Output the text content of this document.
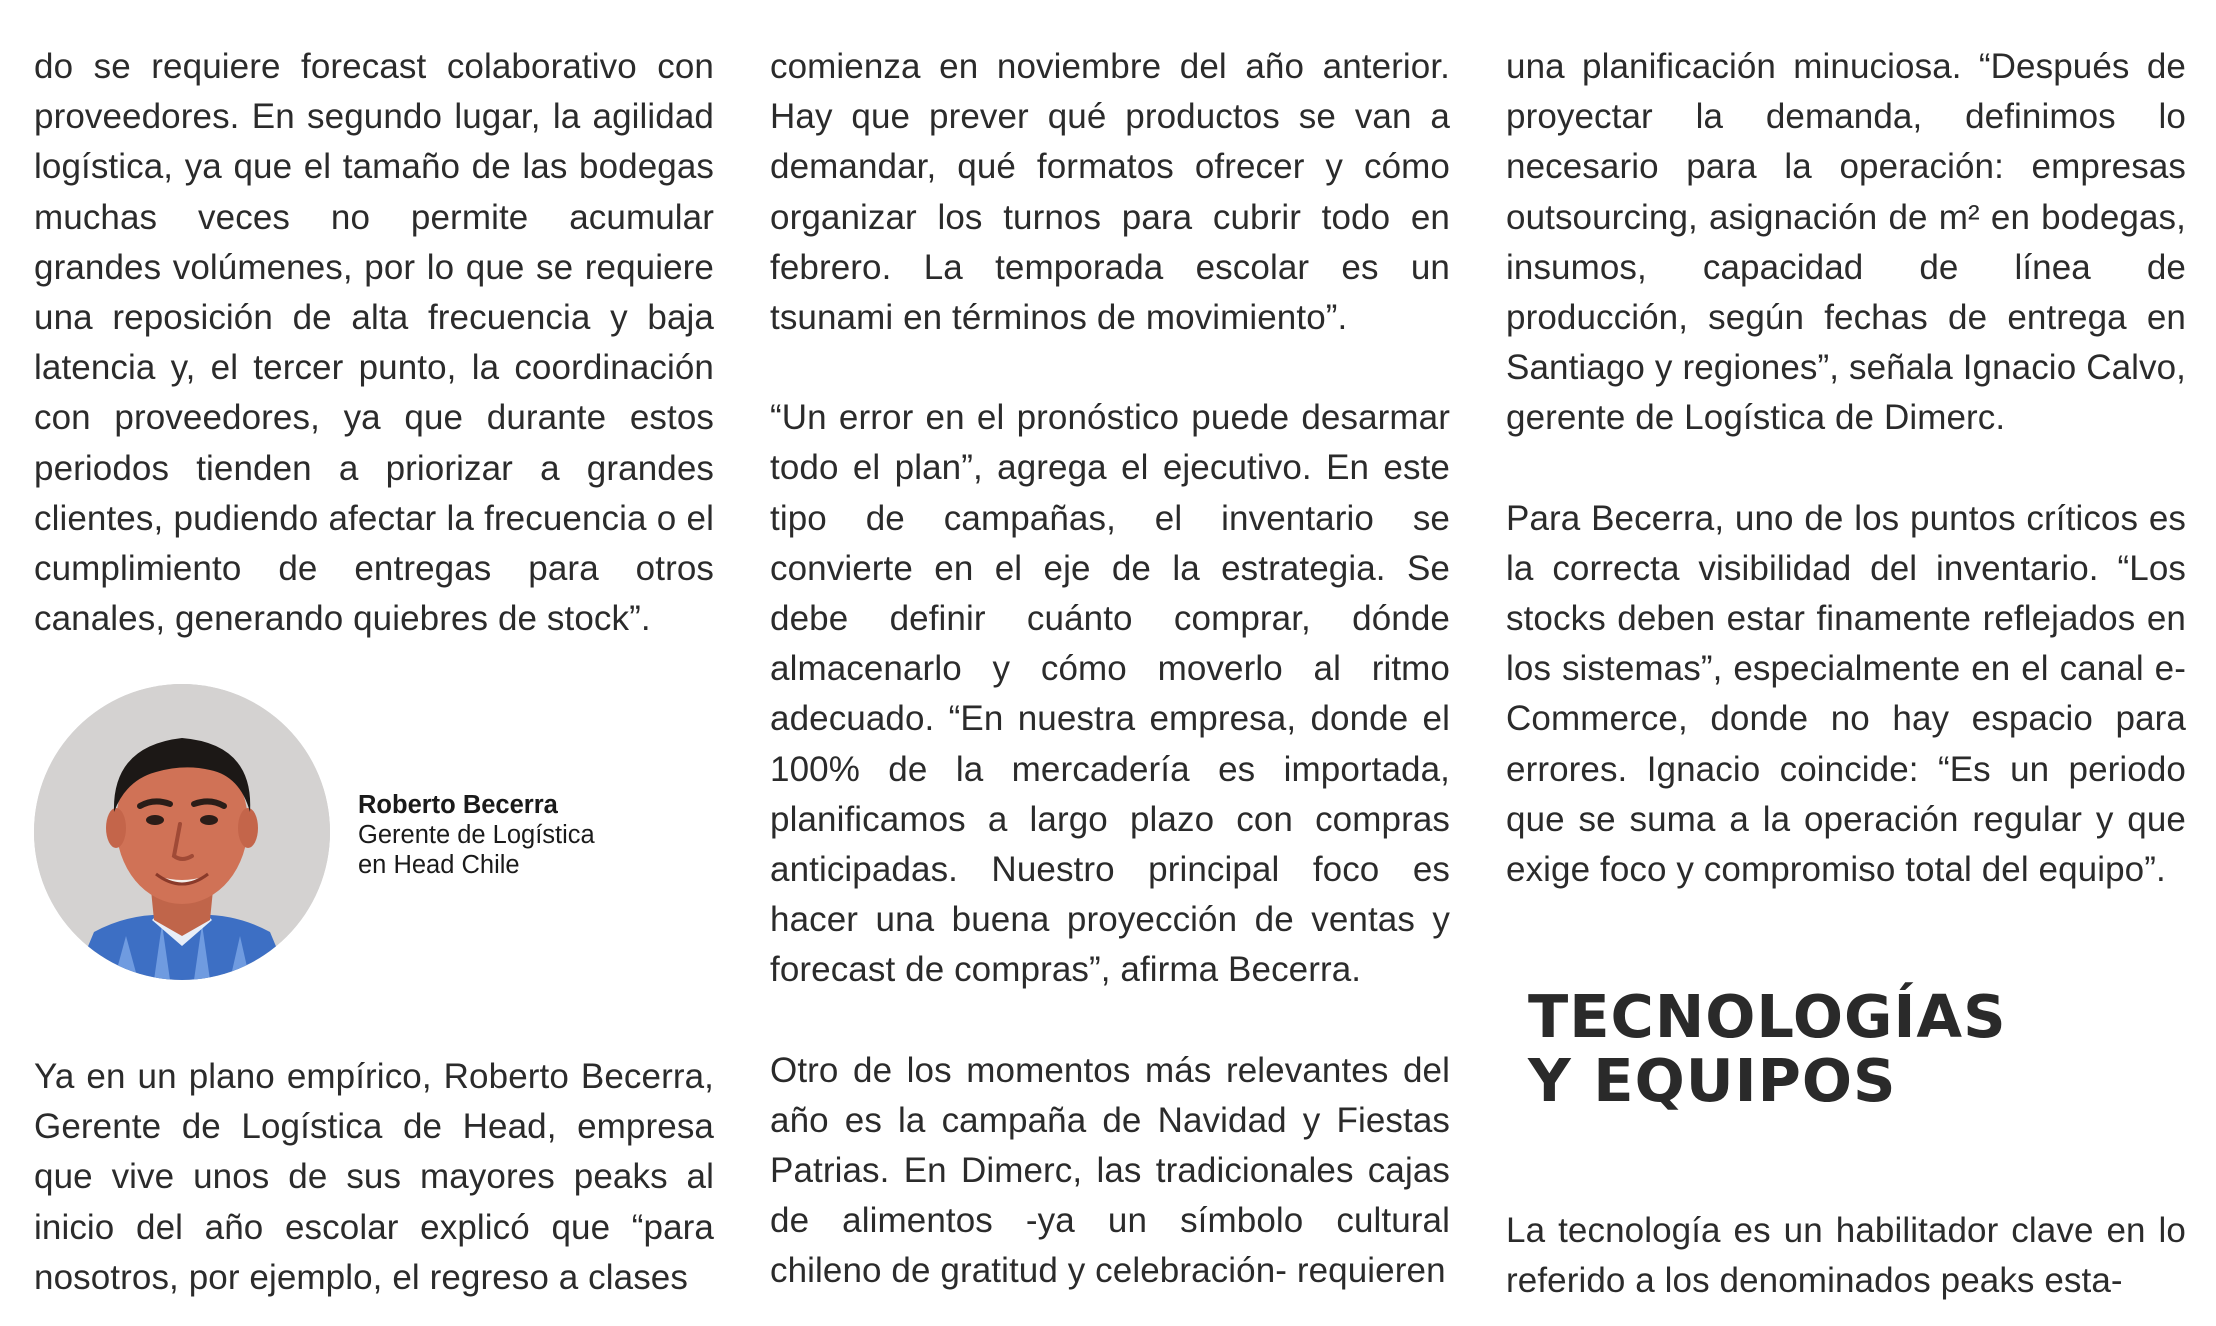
do se requiere forecast colaborativo con proveedores. En segundo lugar, la agilidad logística, ya que el tamaño de las bodegas muchas veces no permite acumular grandes volúmenes, por lo que se requiere una reposición de alta frecuencia y baja latencia y, el tercer punto, la coordinación con proveedores, ya que durante estos periodos tienden a priorizar a grandes clientes, pudiendo afectar la frecuencia o el cumplimiento de entregas para otros canales, generando quiebres de stock”.

Roberto Becerra
Gerente de Logística
en Head Chile

Ya en un plano empírico, Roberto Becerra, Gerente de Logística de Head, empresa que vive unos de sus mayores peaks al inicio del año escolar explicó que “para nosotros, por ejemplo, el regreso a clases

comienza en noviembre del año anterior. Hay que prever qué productos se van a demandar, qué formatos ofrecer y cómo organizar los turnos para cubrir todo en febrero. La temporada escolar es un tsunami en términos de movimiento”.

“Un error en el pronóstico puede desarmar todo el plan”, agrega el ejecutivo. En este tipo de campañas, el inventario se convierte en el eje de la estrategia. Se debe definir cuánto comprar, dónde almacenarlo y cómo moverlo al ritmo adecuado. “En nuestra empresa, donde el 100% de la mercadería es importada, planificamos a largo plazo con compras anticipadas. Nuestro principal foco es hacer una buena proyección de ventas y forecast de compras”, afirma Becerra.

Otro de los momentos más relevantes del año es la campaña de Navidad y Fiestas Patrias. En Dimerc, las tradicionales cajas de alimentos -ya un símbolo cultural chileno de gratitud y celebración- requieren

una planificación minuciosa. “Después de proyectar la demanda, definimos lo necesario para la operación: empresas outsourcing, asignación de m² en bodegas, insumos, capacidad de línea de producción, según fechas de entrega en Santiago y regiones”, señala Ignacio Calvo, gerente de Logística de Dimerc.

Para Becerra, uno de los puntos críticos es la correcta visibilidad del inventario. “Los stocks deben estar finamente reflejados en los sistemas”, especialmente en el canal e-Commerce, donde no hay espacio para errores. Ignacio coincide: “Es un periodo que se suma a la operación regular y que exige foco y compromiso total del equipo”.

TECNOLOGÍAS
Y EQUIPOS

La tecnología es un habilitador clave en lo referido a los denominados peaks esta-
